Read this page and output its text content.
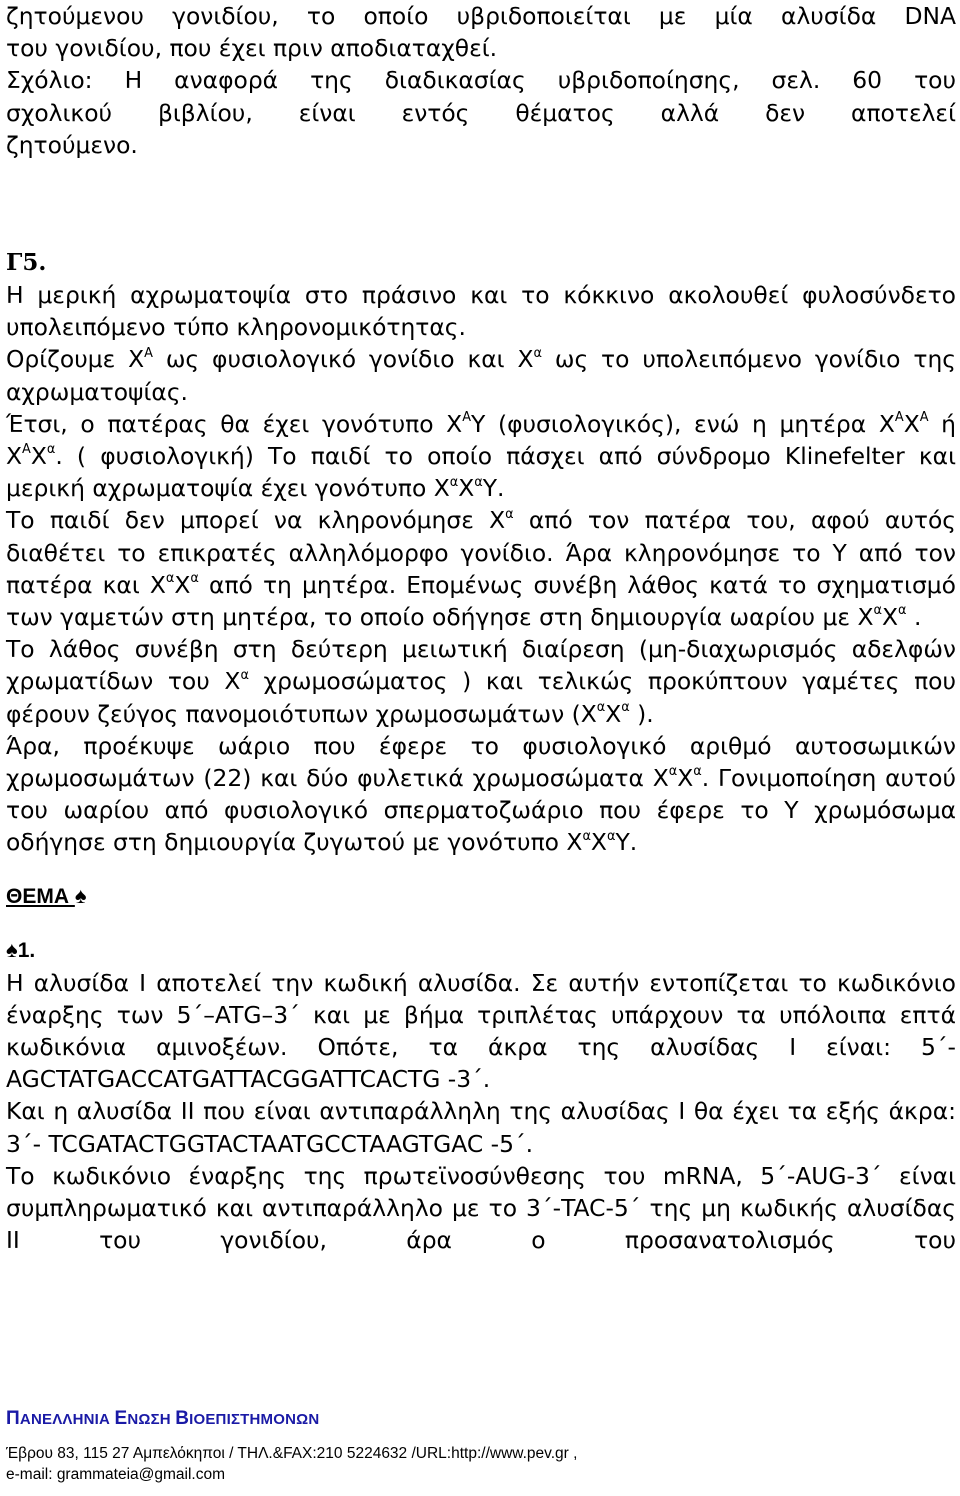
ζητούμενου γονιδίου, το οποίο υβριδοποιείται με μία αλυσίδα DNA
του γονιδίου, που έχει πριν αποδιαταχθεί.
Σχόλιο: Η αναφορά της διαδικασίας υβριδοποίησης, σελ. 60 του
σχολικού βιβλίου, είναι εντός θέματος αλλά δεν αποτελεί
ζητούμενο.

Γ5.

Η μερική αχρωματοψία στο πράσινο και το κόκκινο ακολουθεί φυλοσύνδετο υπολειπόμενο τύπο κληρονομικότητας.

Ορίζουμε $X^A$ ως φυσιολογικό γονίδιο και $X^\alpha$ ως το υπολειπόμενο γονίδιο της αχρωματοψίας.

Έτσι, ο πατέρας θα έχει γονότυπο $X^A\Upsilon$ (φυσιολογικός), ενώ η μητέρα $X^AX^A$ ή $X^AX^\alpha$. ( φυσιολογική) Το παιδί το οποίο πάσχει από σύνδρομο Klinefelter και μερική αχρωματοψία έχει γονότυπο $X^\alpha X^\alpha\Upsilon$.

Το παιδί δεν μπορεί να κληρονόμησε $X^\alpha$ από τον πατέρα του, αφού αυτός διαθέτει το επικρατές αλληλόμορφο γονίδιο. Άρα κληρονόμησε το Υ από τον πατέρα και $X^\alpha X^\alpha$ από τη μητέρα. Επομένως συνέβη λάθος κατά το σχηματισμό των γαμετών στη μητέρα, το οποίο οδήγησε στη δημιουργία ωαρίου με $X^\alpha X^\alpha$ .

Το λάθος συνέβη στη δεύτερη μειωτική διαίρεση (μη-διαχωρισμός αδελφών χρωματίδων του $X^\alpha$ χρωμοσώματος ) και τελικώς προκύπτουν γαμέτες που φέρουν ζεύγος πανομοιότυπων χρωμοσωμάτων ($X^\alpha X^\alpha$ ).

Άρα, προέκυψε ωάριο που έφερε το φυσιολογικό αριθμό αυτοσωμικών χρωμοσωμάτων (22) και δύο φυλετικά χρωμοσώματα $X^\alpha X^\alpha$. Γονιμοποίηση αυτού του ωαρίου από φυσιολογικό σπερματοζωάριο που έφερε το Υ χρωμόσωμα οδήγησε στη δημιουργία ζυγωτού με γονότυπο $X^\alpha X^\alpha\Upsilon$.

ΘΕΜΑ ♠

♠1.

Η αλυσίδα Ι αποτελεί την κωδική αλυσίδα. Σε αυτήν εντοπίζεται το κωδικόνιο έναρξης των 5΄–ATG–3΄ και με βήμα τριπλέτας υπάρχουν τα υπόλοιπα επτά κωδικόνια αμινοξέων. Οπότε, τα άκρα της αλυσίδας Ι είναι: 5΄- AGCTATGACCATGATTACGGATTCACTG -3΄.

Και η αλυσίδα ΙΙ που είναι αντιπαράλληλη της αλυσίδας Ι θα έχει τα εξής άκρα: 3΄- TCGATACTGGTACTAATGCCTAAGTGAC -5΄.

Το κωδικόνιο έναρξης της πρωτεϊνοσύνθεσης του mRNA, 5΄-AUG-3΄ είναι συμπληρωματικό και αντιπαράλληλο με το 3΄-TAC-5΄ της μη κωδικής αλυσίδας ΙΙ του γονιδίου, άρα ο προσανατολισμός του

ΠΑΝΕΛΛΗΝΙΑ ΕΝΩΣΗ ΒΙΟΕΠΙΣΤΗΜΟΝΩΝ
Έβρου 83, 115 27 Αμπελόκηποι / ΤΗΛ.&FAX:210 5224632 /URL:http://www.pev.gr ,
e-mail: grammateia@gmail.com
